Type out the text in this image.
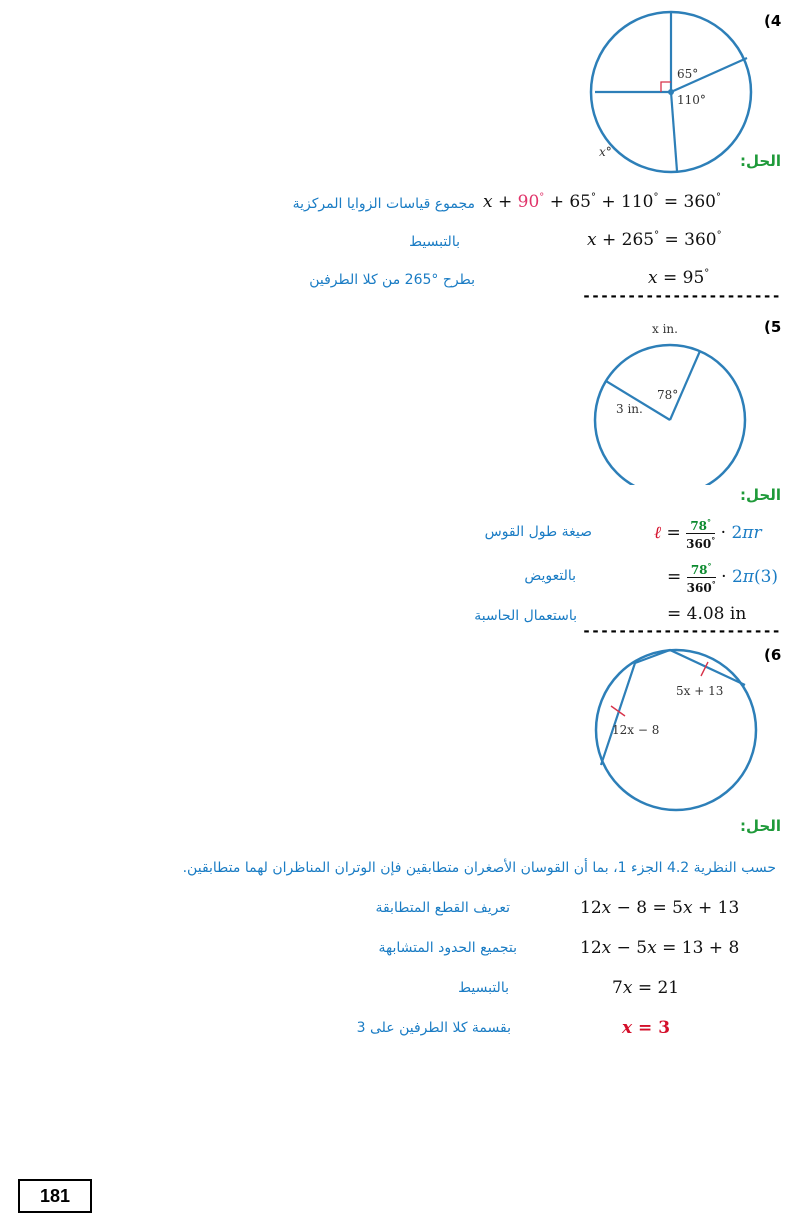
(4
65°
110°
x°	الحل:
x + 90° + 65° + 110° = 360°
مجموع قياسات الزوايا المركزية
x + 265° = 360°
بالتبسيط
x = 95°
بطرح °265 من كلا الطرفين
----------------------
(5
x in.
3 in.
78°
الحل:
ℓ = $\frac{78^\circ}{360^\circ} \cdot 2\pi r$
صيغة طول القوس
= $\frac{78^\circ}{360^\circ} \cdot 2\pi(3)$
بالتعويض
= 4.08 in
باستعمال الحاسبة
----------------------
(6
5x + 13
12x − 8
الحل:
حسب النظرية 4.2 الجزء 1، بما أن القوسان الأصغران متطابقين فإن الوتران المناظران لهما متطابقين.
12x − 8 = 5x + 13
تعريف القطع المتطابقة
12x − 5x = 13 + 8
بتجميع الحدود المتشابهة
7x = 21
بالتبسيط
x = 3
بقسمة كلا الطرفين على 3
181
